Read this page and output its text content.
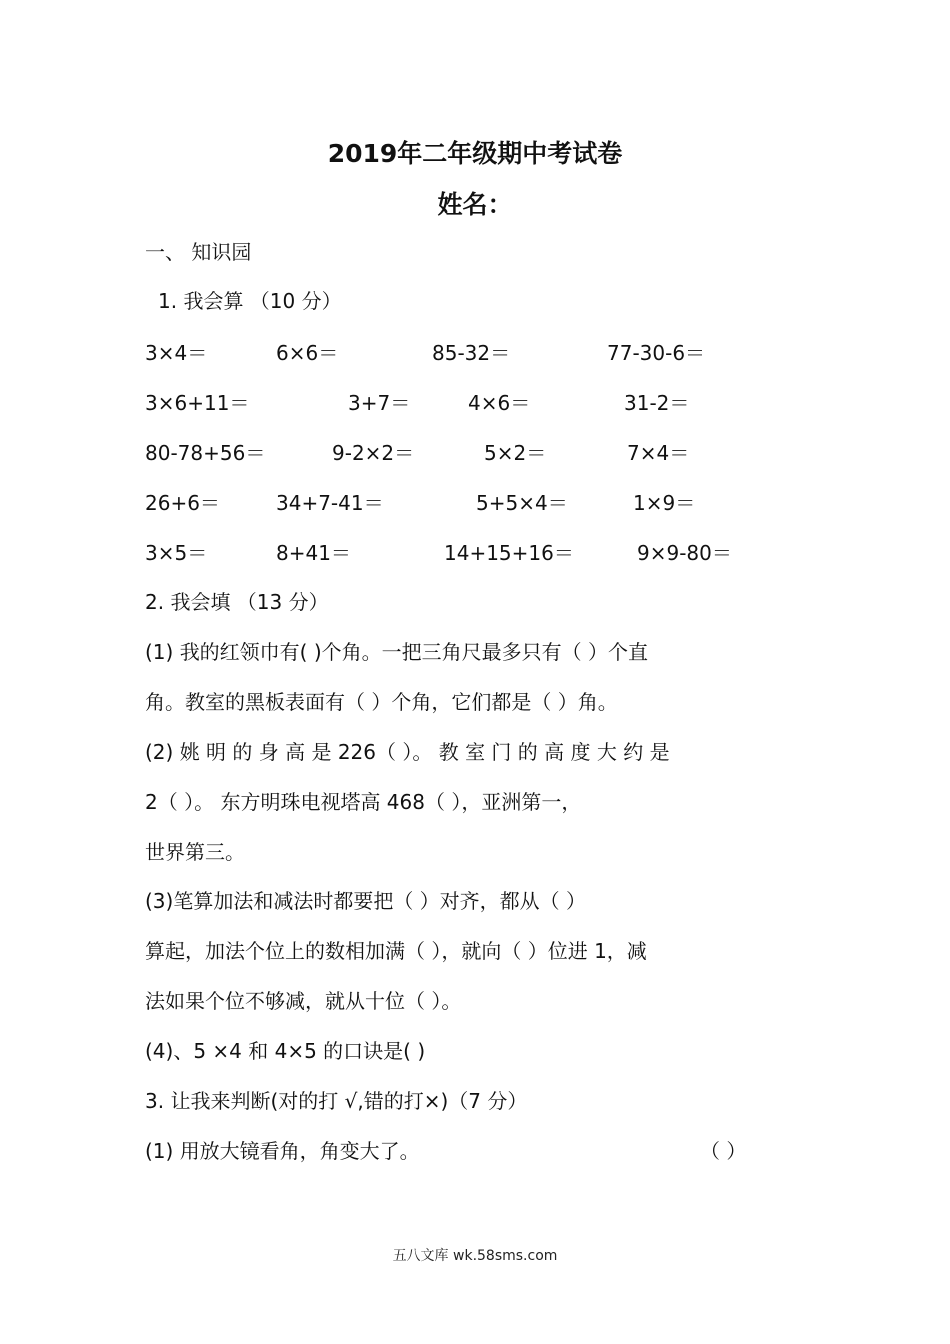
2019年二年级期中考试卷
姓名：
一、 知识园
1. 我会算 （10 分）
3×4＝	6×6＝	85-32＝	77-30-6＝
3×6+11＝	3+7＝	4×6＝	31-2＝
80-78+56＝	9-2×2＝	5×2＝	7×4＝
26+6＝	34+7-41＝	5+5×4＝	1×9＝
3×5＝	8+41＝	14+15+16＝	9×9-80＝
2. 我会填 （13 分）
(1) 我的红领巾有( )个角。一把三角尺最多只有（ ）个直
角。教室的黑板表面有（ ）个角，它们都是（ ）角。
(2) 姚 明 的 身 高 是 226（ ）。 教 室 门 的 高 度 大 约 是
2（ ）。 东方明珠电视塔高 468（ ），亚洲第一，
世界第三。
(3)笔算加法和减法时都要把（ ）对齐，都从（ ）
算起，加法个位上的数相加满（ ），就向（ ）位进 1，减
法如果个位不够减，就从十位（ ）。
(4)、5 ×4 和 4×5 的口诀是( )
3. 让我来判断(对的打 √,错的打×)（7 分）
(1) 用放大镜看角，角变大了。	（ ）
五八文库 wk.58sms.com
